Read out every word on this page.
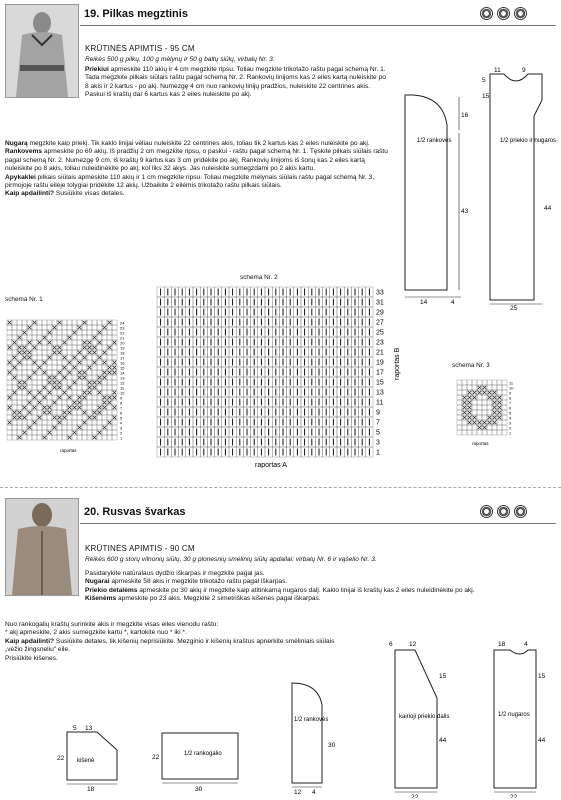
19. Pilkas megztinis
KRŪTINĖS APIMTIS - 95 CM
Reikės 500 g pilkų, 100 g mėlynų ir 50 g baltų siūlų, virbalų Nr. 3.
Priekiui apmeskite 110 akių ir 4 cm megzkite ripsu. Toliau megzkite trikotažo raštu pagal schemą Nr. 1. Tada megzkite pilkais siūlais raštu pagal schemą Nr. 2. Rankovių linijoms kas 2 eiles kartą nuleiskite po 8 akis ir 2 kartus - po akį. Numezgę 4 cm nuo rankovių linijų pradžios, nuleiskite 22 centrines akis. Paskui iš kraštų dar 6 kartus kas 2 eiles nuleiskite po akį.
Nugarą megzkite kaip priekį. Tik kaklo linijai vėliau nuleiskite 22 centrines akis, toliau tik 2 kartus kas 2 eiles nuleiskite po akį.
Rankovems apmeskite po 60 akių. Iš pradžių 2 cm megzkite ripsu, o paskui - raštu pagal schemą Nr. 1. Tęskite pilkais siūlais raštu pagal schemą Nr. 2. Numezgę 9 cm, iš kraštų 9 kartus kas 3 cm pridėkite po akį. Rankovių linijoms iš šonų kas 2 eiles kartą nuleiskite po 8 akis, toliau nuleidinėkite po akį, kol liks 32 akys. Jas nuleiskite sumegzdami po 2 akis kartu.
Apykaklei pilkais siūlais apmeskite 110 akių ir 1 cm megzkite ripsu. Toliau megzkite mėlynais siūlais raštu pagal schemą Nr. 3, pirmojoje raštu eilėje tolygiai pridėkite 12 akių. Užbaikite 2 eilėmis trikotažo raštu pilkais siūlais.
Kaip apdailinti? Susiūkite visas detales.
16
43
14	4
1/2 rankovės
11	9
5
15
44
25
1/2 priekio ir nugaros
schema Nr. 1
24
23
22
21
20
19
18
17
16
15
14
13
12
11
10
9
8
7
6
5
4
3
2
1
raportas
schema Nr. 2
33
31
29
27
25
23
21
19
17
15
13
11
9
7
5
3
1
raportas A
raportas B	schema Nr. 3
11
10
9
8
7
6
5
4
3
2
1
raportas
20. Rusvas švarkas
KRŪTINĖS APIMTIS - 90 CM
Reikės 600 g storų vilnonių siūlų, 30 g plonesnių smėlinių siūlų apdailai; virbalų Nr. 6 ir vąšelio Nr. 3.
Pasidarykite natūralaus dydžio iškarpas ir megzkite pagal jas.
Nugarai apmeskite 58 akis ir megzkite trikotažo raštu pagal iškarpas.
Priekio detalėms apmeskite po 30 akių ir megzkite kaip atitinkamą nugaros dalį. Kaklo linijai iš kraštų kas 2 eiles nuleidinėkite po akį.
Kišenėms apmeskite po 23 akis. Megzkite 2 simetriškas kišenes pagal iškarpas.
Nuo rankogalių kraštų surinkite akis ir megzkite visas eiles vienodu raštu:
* akį apmeskite, 2 akis sumegzkite kartu *, kartokite nuo * iki *.
Kaip apdailinti? Susiūkite detales, tik kišenių neprisiūkite. Mezginio ir kišenių kraštus apnerkite smėliniais siūlais „vėžio žingsneliu" eile.
Prisiūkite kišenes.
5 13
22
18
kišenė	22
30
1/2 rankogalio
30
12 4
1/2 rankovės
6	12
15
44
22
kairioji priekio dalis
18	4
15
44
22
1/2 nugaros
